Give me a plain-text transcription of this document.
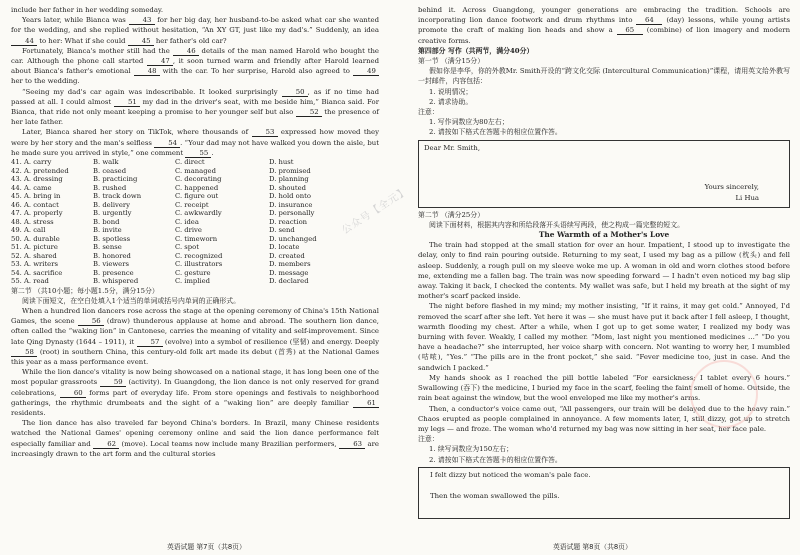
include her father in her wedding someday.

Years later, while Bianca was 43 for her big day, her husband-to-be asked what car she wanted for the wedding, and she replied without hesitation, “An XY GT, just like my dad's.” Suddenly, an idea 44 to her: What if she could 45 her father's old car?

Fortunately, Bianca's mother still had the 46 details of the man named Harold who bought the car. Although the phone call started 47 , it soon turned warm and friendly after Harold learned about Bianca's father's emotional 48 with the car. To her surprise, Harold also agreed to 49 her to the wedding.

“Seeing my dad's car again was indescribable. It looked surprisingly 50 , as if no time had passed at all. I could almost 51 my dad in the driver's seat, with me beside him,” Bianca said. For Bianca, that ride not only meant keeping a promise to her younger self but also 52 the presence of her late father.

Later, Bianca shared her story on TikTok, where thousands of 53 expressed how moved they were by her story and the man's selfless 54 . “Your dad may not have walked you down the aisle, but he made sure you arrived in style,” one comment 55 .

41. A. carry	B. walk	C. direct	D. hust
42. A. pretended	B. ceased	C. managed	D. promised
43. A. dressing	B. practicing	C. decorating	D. planning
44. A. came	B. rushed	C. happened	D. shouted
45. A. bring in	B. track down	C. figure out	D. hold onto
46. A. contact	B. delivery	C. receipt	D. insurance
47. A. properly	B. urgently	C. awkwardly	D. personally
48. A. stress	B. bond	C. idea	D. reaction
49. A. call	B. invite	C. drive	D. send
50. A. durable	B. spotless	C. timeworn	D. unchanged
51. A. picture	B. sense	C. spot	D. locate
52. A. shared	B. honored	C. recognized	D. created
53. A. writers	B. viewers	C. illustrators	D. members
54. A. sacrifice	B. presence	C. gesture	D. message
55. A. read	B. whispered	C. implied	D. declared

第二节 （共10小题；每小题1.5分，满分15分）

阅读下面短文，在空白处填入1个适当的单词或括号内单词的正确形式。

When a hundred lion dancers rose across the stage at the opening ceremony of China's 15th National Games, the scene 56 (draw) thunderous applause at home and abroad. The southern lion dance, often called the “waking lion” in Cantonese, carries the meaning of vitality and self-improvement. Since late Qing Dynasty (1644 – 1911), it 57 (evolve) into a symbol of resilience (坚韧) and energy. Deeply 58 (root) in southern China, this century-old folk art made its debut (首秀) at the National Games this year as a mass performance event.

While the lion dance's vitality is now being showcased on a national stage, it has long been one of the most popular grassroots 59 (activity). In Guangdong, the lion dance is not only reserved for grand celebrations, 60 forms part of everyday life. From store openings and festivals to neighborhood gatherings, the rhythmic drumbeats and the sight of a “waking lion” are deeply familiar 61 residents.

The lion dance has also traveled far beyond China's borders. In Brazil, many Chinese residents watched the National Games' opening ceremony online and said the lion dance performance felt especially familiar and 62 (move). Local teams now include many Brazilian performers, 63 are increasingly drawn to the art form and the cultural stories

英语试题 第7页（共8页）
公众号【全元】

behind it. Across Guangdong, younger generations are embracing the tradition. Schools are incorporating lion dance footwork and drum rhythms into 64 (day) lessons, while young artists promote the craft of making lion heads and show a 65 (combine) of lion imagery and modern creative forms.

第四部分 写作（共两节，满分40分）

第一节 （满分15分）

假如你是李华，你的外教Mr. Smith开设的“跨文化交际 (Intercultural Communication)”课程，请用英文给外教写一封邮件，内容包括：

1. 说明情况；

2. 请求协助。

注意：

1. 写作词数应为80左右；

2. 请按如下格式在答题卡的相应位置作答。

Dear Mr. Smith,
Yours sincerely,
Li Hua

第二节 （满分25分）

阅读下面材料，根据其内容和所给段落开头语续写两段，使之构成一篇完整的短文。

The Warmth of a Mother's Love

The train had stopped at the small station for over an hour. Impatient, I stood up to investigate the delay, only to find rain pouring outside. Returning to my seat, I used my bag as a pillow (枕头) and fell asleep. Suddenly, a rough pull on my sleeve woke me up. A woman in old and worn clothes stood before me, extending me a fallen bag. The train was now speeding forward — I hadn't even noticed my bag slip away. Taking it back, I checked the contents. My wallet was safe, but I held my breath at the sight of my mother's scarf packed inside.

The night before flashed in my mind; my mother insisting, “If it rains, it may get cold.” Annoyed, I'd removed the scarf after she left. Yet here it was — she must have put it back after I fell asleep, I thought, warmth flooding my chest. After a while, when I got up to get some water, I realized my body was burning with fever. Weakly, I called my mother. “Mom, last night you mentioned medicines …” “Do you have a headache?” she interrupted, her voice sharp with concern. Not wanting to worry her, I mumbled (咕哝), “Yes.” “The pills are in the front pocket,” she said. “Fever medicine too, just in case. And the sandwich I packed.”

My hands shook as I reached the pill bottle labeled “For earsickness; I tablet every 6 hours.” Swallowing (吞下) the medicine, I buried my face in the scarf, feeling the faint smell of home. Outside, the rain beat against the window, but the wool enveloped me like my mother's arms.

Then, a conductor's voice came out, “All passengers, our train will be delayed due to the heavy rain.” Chaos erupted as people complained in annoyance. A few moments later, I, still dizzy, got up to stretch my legs — and froze. The woman who'd returned my bag was now sitting in her seat, her face pale.

注意：

1. 续写词数应为150左右；

2. 请按如下格式在答题卡的相应位置作答。

I felt dizzy but noticed the woman's pale face.
Then the woman swallowed the pills.
英语试题 第8页（共8页）
